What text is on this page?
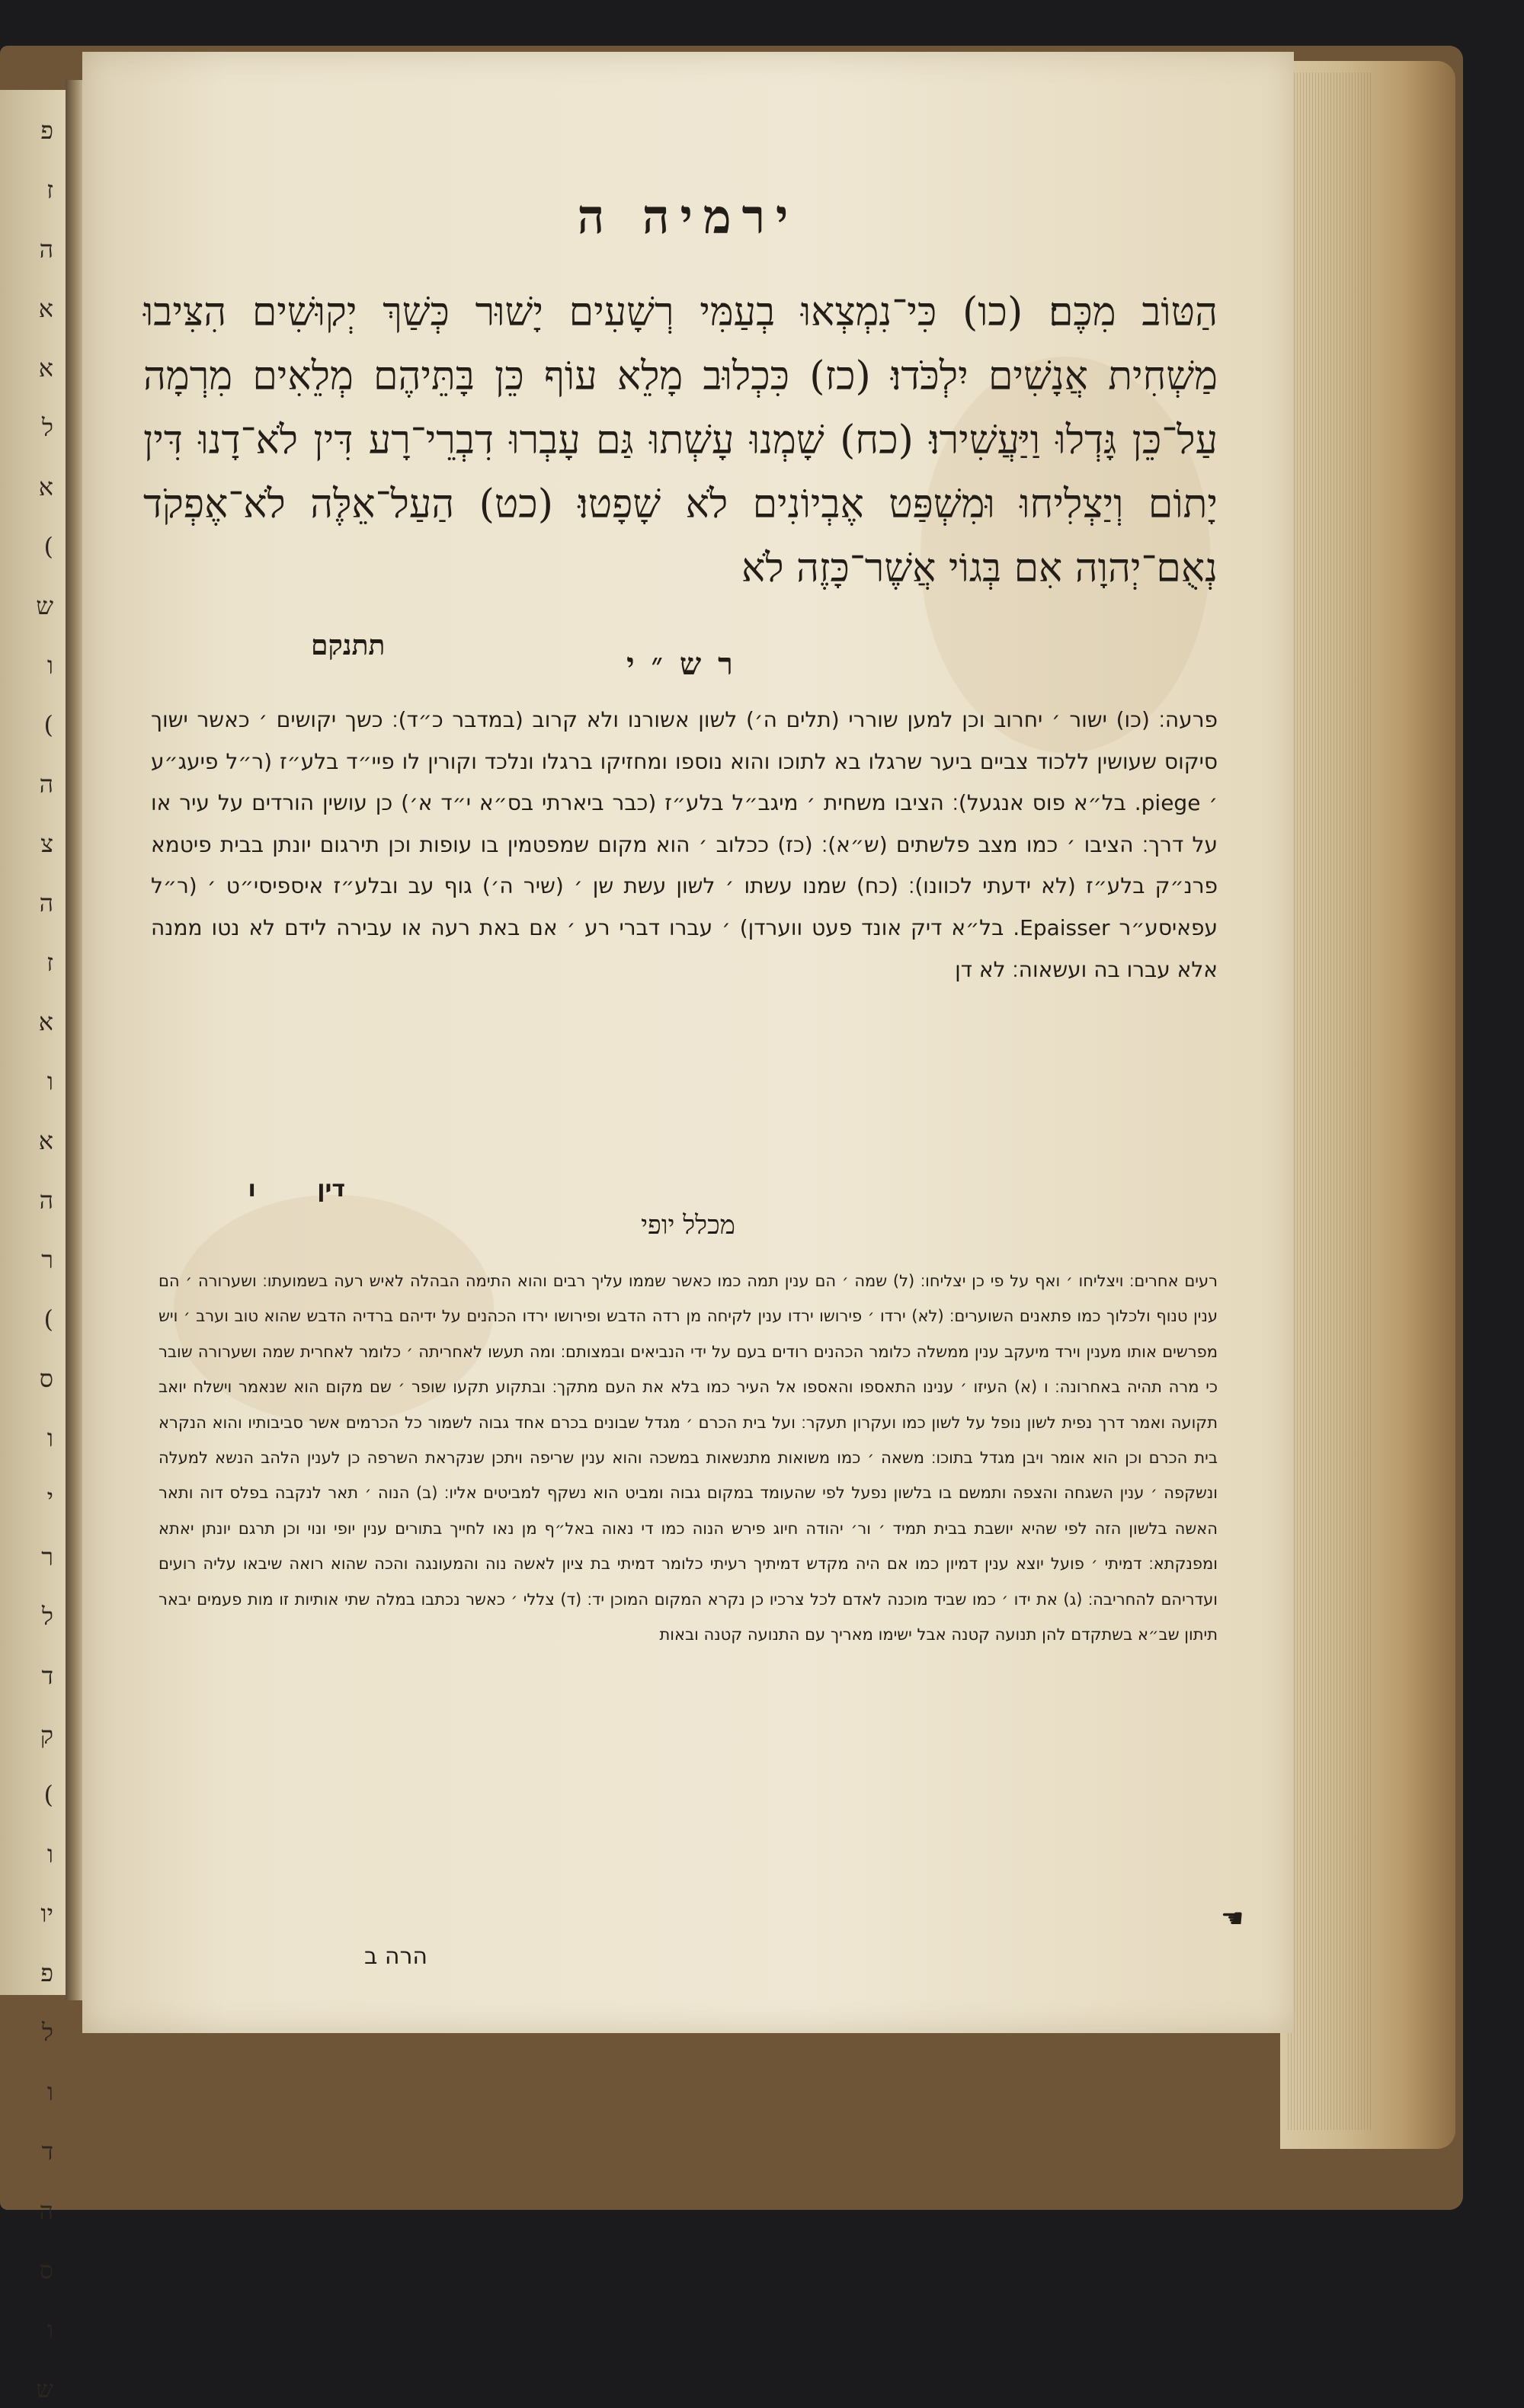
פ
ז
ה
א
א
ל
א
(
ש
ו
(
ה
צ
ה
ז
א
ו
א
ה
ר
(
ס
ו
י
ר
ל
ד
ק
(
ו
יו
פ
ל
ו
ד
ה
ס
ו
ש
ירמיה ה

הַטּוֹב מִכֶּם׃ (כו) כִּי־נִמְצְאוּ בְעַמִּי רְשָׁעִים יָשׁוּר כְּשַׁךְ יְקוּשִׁים הִצִּיבוּ מַשְׁחִית אֲנָשִׁים יִלְכֹּדוּ׃ (כז) כִּכְלוּב מָלֵא עוֹף כֵּן בָּתֵּיהֶם מְלֵאִים מִרְמָה עַל־כֵּן גָּדְלוּ וַיַּעֲשִׁירוּ׃ (כח) שָׁמְנוּ עָשְׁתוּ גַּם עָבְרוּ דִבְרֵי־רָע דִּין לֹא־דָנוּ דִּין יָתוֹם וְיַצְלִיחוּ וּמִשְׁפַּט אֶבְיוֹנִים לֹא שָׁפָטוּ׃ (כט) הַעַל־אֵלֶּה לֹא־אֶפְקֹד נְאֻם־יְהוָה אִם בְּגוֹי אֲשֶׁר־כָּזֶה לֹא

תתנקם
רש״י

פרעה׃ (כו) ישור ׳ יחרוב וכן למען שוררי (תלים ה׳) לשון אשורנו ולא קרוב (במדבר כ״ד)׃ כשך יקושים ׳ כאשר ישוך סיקוס שעושין ללכוד צביים ביער שרגלו בא לתוכו והוא נוספו ומחזיקו ברגלו ונלכד וקורין לו פיי״ד בלע״ז (ר״ל פיעג״ע ׳ piege. בל״א פוס אנגעל)׃ הציבו משחית ׳ מיגב״ל בלע״ז (כבר ביארתי בס״א י״ד א׳) כן עושין הורדים על עיר או על דרך׃ הציבו ׳ כמו מצב פלשתים (ש״א)׃ (כז) ככלוב ׳ הוא מקום שמפטמין בו עופות וכן תירגום יונתן בבית פיטמא פרנ״ק בלע״ז (לא ידעתי לכוונו)׃ (כח) שמנו עשתו ׳ לשון עשת שן ׳ (שיר ה׳) גוף עב ובלע״ז איספיסי״ט ׳ (ר״ל עפאיסע״ר Epaisser. בל״א דיק אונד פעט ווערדן) ׳ עברו דברי רע ׳ אם באת רעה או עבירה לידם לא נטו ממנה אלא עברו בה ועשאוה׃ לא דן

דין ו
מכלל יופי

רעים אחרים׃ ויצליחו ׳ ואף על פי כן יצליחו׃ (ל) שמה ׳ הם ענין תמה כמו כאשר שממו עליך רבים והוא התימה הבהלה לאיש רעה בשמועתו׃ ושערורה ׳ הם ענין טנוף ולכלוך כמו פתאנים השוערים׃ (לא) ירדו ׳ פירושו ירדו ענין לקיחה מן רדה הדבש ופירושו ירדו הכהנים על ידיהם ברדיה הדבש שהוא טוב וערב ׳ ויש מפרשים אותו מענין וירד מיעקב ענין ממשלה כלומר הכהנים רודים בעם על ידי הנביאים ובמצותם׃ ומה תעשו לאחריתה ׳ כלומר לאחרית שמה ושערורה שובר כי מרה תהיה באחרונה׃ ו (א) העיזו ׳ ענינו התאספו והאספו אל העיר כמו בלא את העם מתקך׃ ובתקוע תקעו שופר ׳ שם מקום הוא שנאמר וישלח יואב תקועה ואמר דרך נפית לשון נופל על לשון כמו ועקרון תעקר׃ ועל בית הכרם ׳ מגדל שבונים בכרם אחד גבוה לשמור כל הכרמים אשר סביבותיו והוא הנקרא בית הכרם וכן הוא אומר ויבן מגדל בתוכו׃ משאה ׳ כמו משואות מתנשאות במשכה והוא ענין שריפה ויתכן שנקראת השרפה כן לענין הלהב הנשא למעלה ונשקפה ׳ ענין השגחה והצפה ותמשם בו בלשון נפעל לפי שהעומד במקום גבוה ומביט הוא נשקף למביטים אליו׃ (ב) הנוה ׳ תאר לנקבה בפלס דוה ותאר האשה בלשון הזה לפי שהיא יושבת בבית תמיד ׳ ור׳ יהודה חיוג פירש הנוה כמו די נאוה באל״ף מן נאו לחייך בתורים ענין יופי ונוי וכן תרגם יונתן יאתא ומפנקתא׃ דמיתי ׳ פועל יוצא ענין דמיון כמו אם היה מקדש דמיתיך רעיתי כלומר דמיתי בת ציון לאשה נוה והמעונגה והכה שהוא רואה שיבאו עליה רועים ועדריהם להחריבה׃ (ג) את ידו ׳ כמו שביד מוכנה לאדם לכל צרכיו כן נקרא המקום המוכן יד׃ (ד) צללי ׳ כאשר נכתבו במלה שתי אותיות זו מות פעמים יבאר תיתון שב״א בשתקדם להן תנועה קטנה אבל ישימו מאריך עם התנועה קטנה ובאות

☛
הרה ב
